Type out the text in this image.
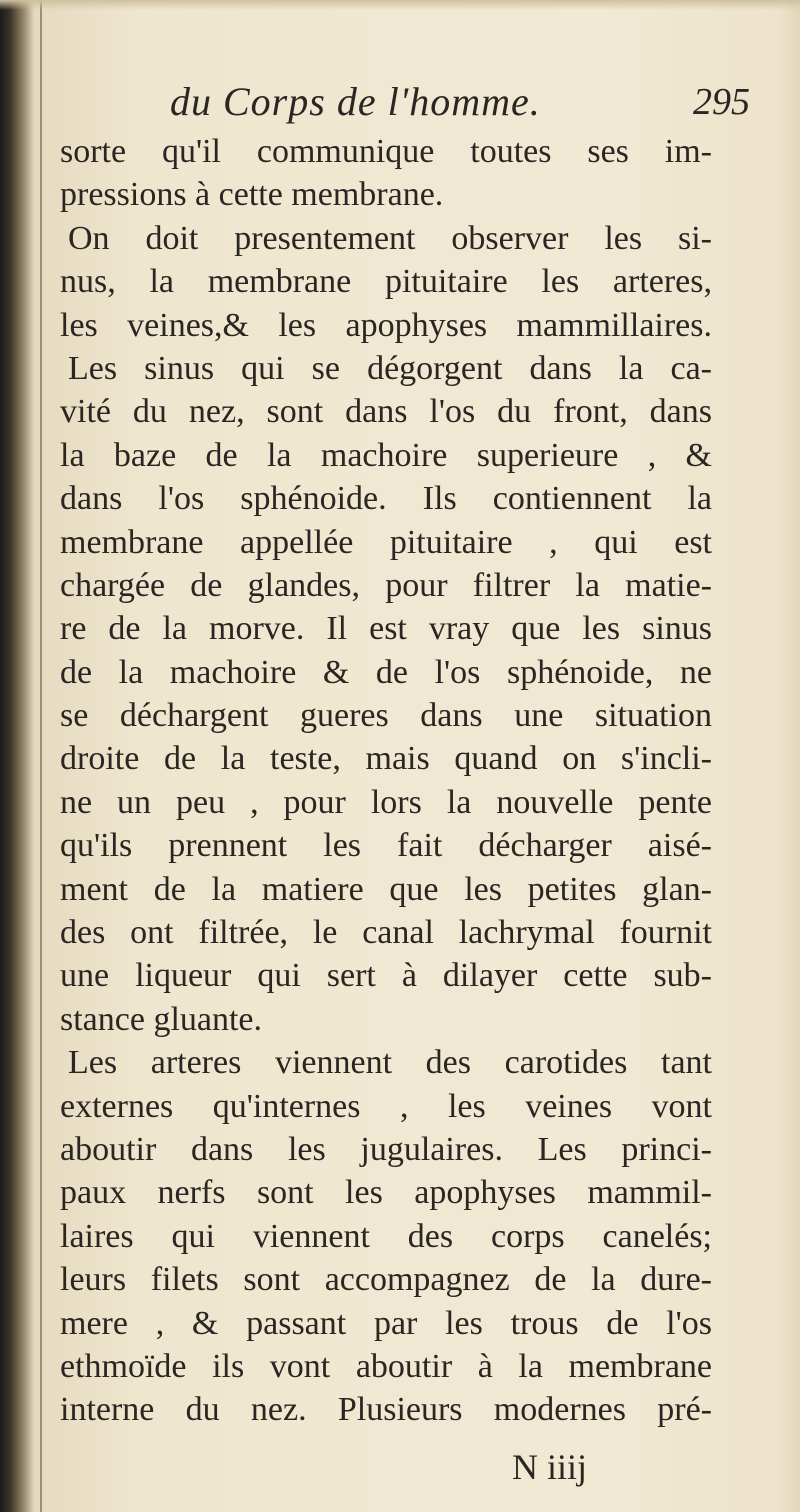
du Corps de l'homme.	295
sorte qu'il communique toutes ses im-
pressions à cette membrane.
On doit presentement observer les si-
nus, la membrane pituitaire les arteres,
les veines,& les apophyses mammillaires.
Les sinus qui se dégorgent dans la ca-
vité du nez, sont dans l'os du front, dans
la baze de la machoire superieure , &
dans l'os sphénoide. Ils contiennent la
membrane appellée pituitaire , qui est
chargée de glandes, pour filtrer la matie-
re de la morve. Il est vray que les sinus
de la machoire & de l'os sphénoide, ne
se déchargent gueres dans une situation
droite de la teste, mais quand on s'incli-
ne un peu , pour lors la nouvelle pente
qu'ils prennent les fait décharger aisé-
ment de la matiere que les petites glan-
des ont filtrée, le canal lachrymal fournit
une liqueur qui sert à dilayer cette sub-
stance gluante.
Les arteres viennent des carotides tant
externes qu'internes , les veines vont
aboutir dans les jugulaires. Les princi-
paux nerfs sont les apophyses mammil-
laires qui viennent des corps canelés;
leurs filets sont accompagnez de la dure-
mere , & passant par les trous de l'os
ethmoïde ils vont aboutir à la membrane
interne du nez. Plusieurs modernes pré-
N iiij
